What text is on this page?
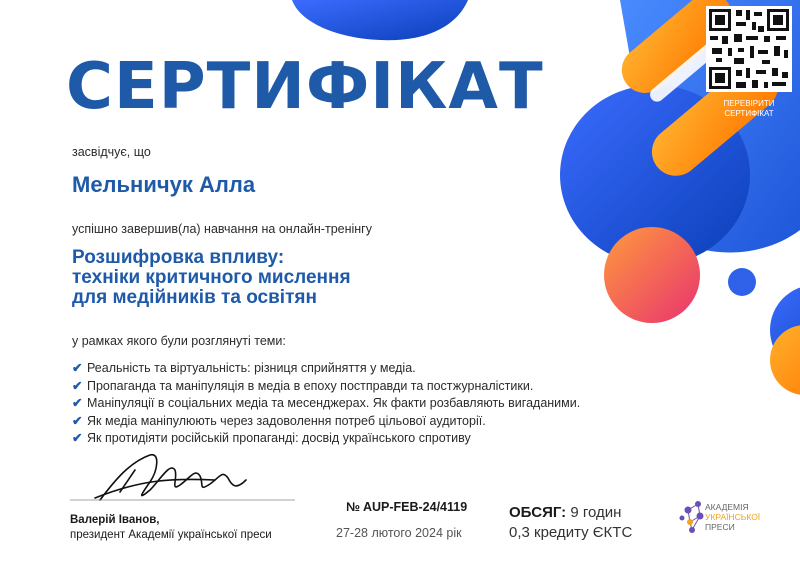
СЕРТИФІКАТ
засвідчує, що
Мельничук Алла
успішно завершив(ла) навчання на онлайн-тренінгу
Розшифровка впливу:
техніки критичного мислення
для медійників та освітян
у рамках якого були розглянуті теми:
✔ Реальність та віртуальність: різниця сприйняття у медіа.
✔ Пропаганда та маніпуляція в медіа в епоху постправди та постжурналістики.
✔ Маніпуляції в соціальних медіа та месенджерах. Як факти розбавляють вигаданими.
✔ Як медіа маніпулюють через задоволення потреб цільової аудиторії.
✔ Як протидіяти російській пропаганді: досвід українського спротиву
Валерій Іванов,
президент Академії української преси
№ AUP-FEB-24/4119
27-28 лютого 2024 рік
ОБСЯГ: 9 годин
0,3 кредиту ЄКТС
ПЕРЕВІРИТИ
СЕРТИФІКАТ
АКАДЕМІЯ
УКРАЇНСЬКОЇ
ПРЕСИ
